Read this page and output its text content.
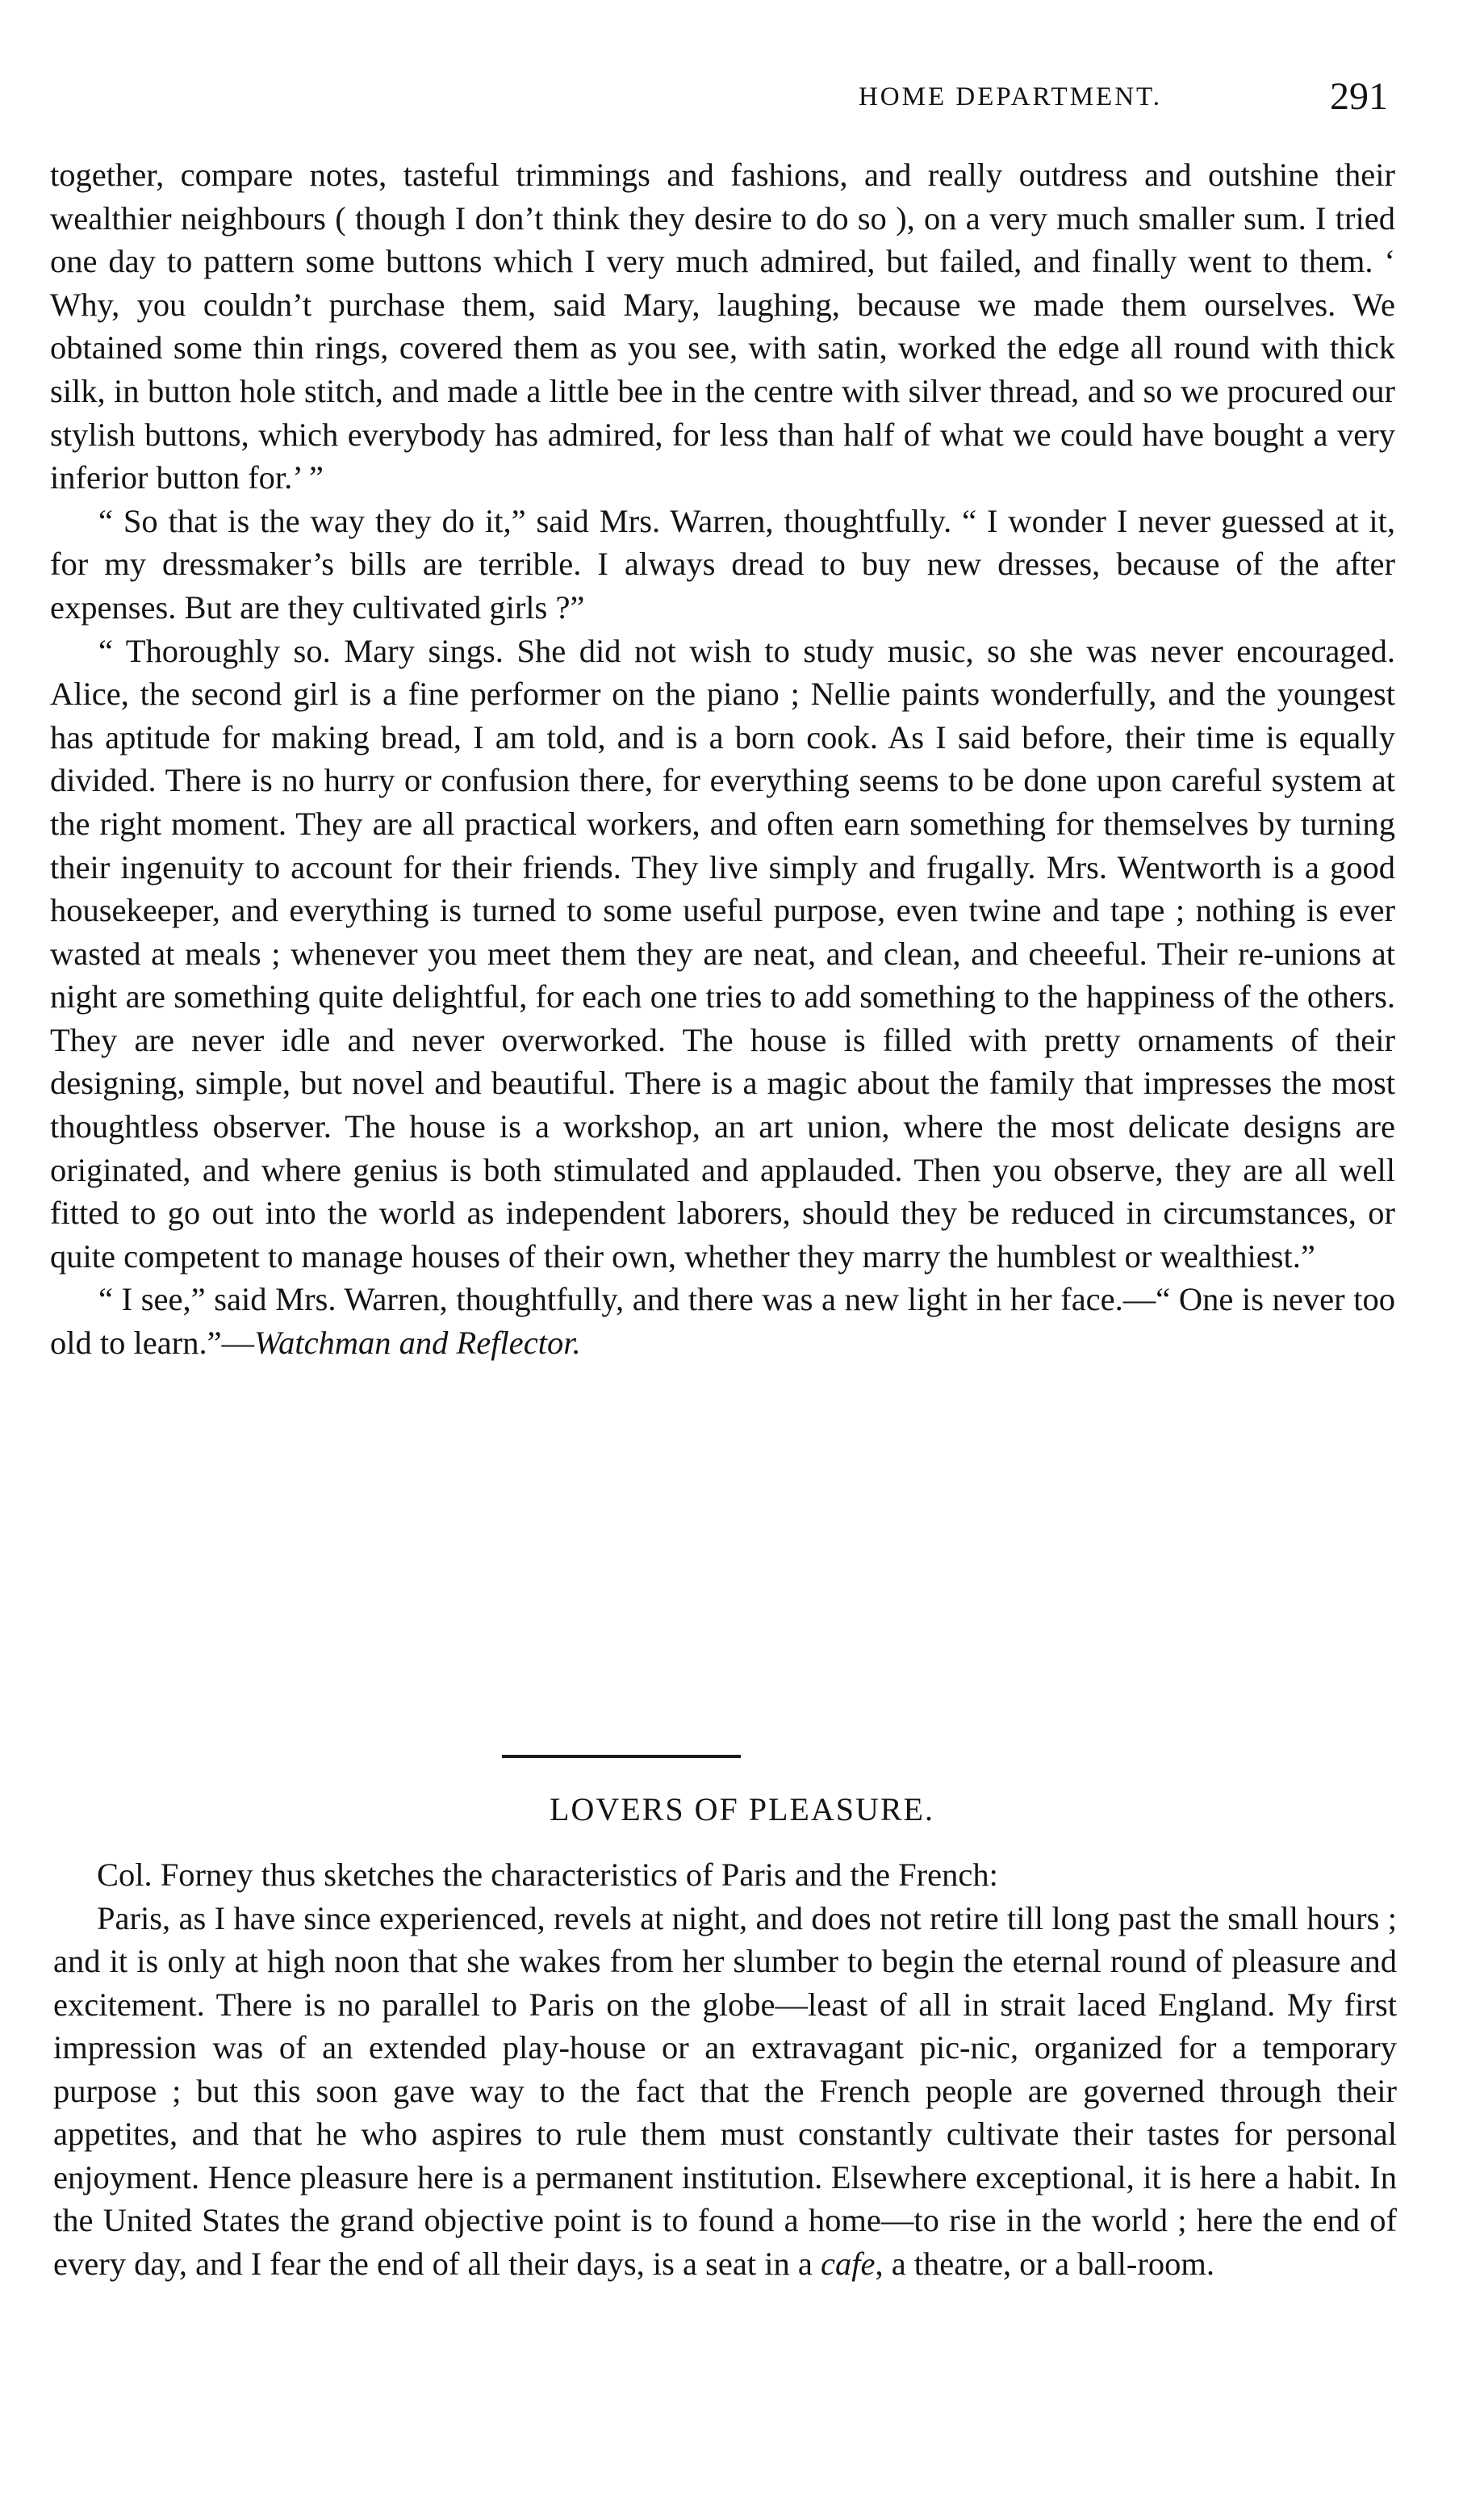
HOME DEPARTMENT.	291

together, compare notes, tasteful trimmings and fashions, and really outdress and outshine their wealthier neighbours ( though I don’t think they desire to do so ), on a very much smaller sum. I tried one day to pattern some buttons which I very much admired, but failed, and finally went to them. ‘ Why, you couldn’t purchase them, said Mary, laughing, because we made them ourselves. We obtained some thin rings, covered them as you see, with satin, worked the edge all round with thick silk, in button hole stitch, and made a little bee in the centre with silver thread, and so we procured our stylish buttons, which everybody has admired, for less than half of what we could have bought a very inferior button for.’ ”

“ So that is the way they do it,” said Mrs. Warren, thoughtfully. “ I wonder I never guessed at it, for my dressmaker’s bills are terrible. I always dread to buy new dresses, because of the after expenses. But are they cultivated girls ?”

“ Thoroughly so. Mary sings. She did not wish to study music, so she was never encouraged. Alice, the second girl is a fine performer on the piano ; Nellie paints wonderfully, and the youngest has aptitude for making bread, I am told, and is a born cook. As I said before, their time is equally divided. There is no hurry or confusion there, for everything seems to be done upon careful system at the right moment. They are all practical workers, and often earn something for themselves by turning their ingenuity to account for their friends. They live simply and frugally. Mrs. Wentworth is a good housekeeper, and everything is turned to some useful purpose, even twine and tape ; nothing is ever wasted at meals ; whenever you meet them they are neat, and clean, and cheeeful. Their re-unions at night are something quite delightful, for each one tries to add something to the happiness of the others. They are never idle and never overworked. The house is filled with pretty ornaments of their designing, simple, but novel and beautiful. There is a magic about the family that impresses the most thoughtless observer. The house is a workshop, an art union, where the most delicate designs are originated, and where genius is both stimulated and applauded. Then you observe, they are all well fitted to go out into the world as independent laborers, should they be reduced in circumstances, or quite competent to manage houses of their own, whether they marry the humblest or wealthiest.”

“ I see,” said Mrs. Warren, thoughtfully, and there was a new light in her face.—“ One is never too old to learn.”—Watchman and Reflector.

LOVERS OF PLEASURE.

Col. Forney thus sketches the characteristics of Paris and the French:

Paris, as I have since experienced, revels at night, and does not retire till long past the small hours ; and it is only at high noon that she wakes from her slumber to begin the eternal round of pleasure and excitement. There is no parallel to Paris on the globe—least of all in strait laced England. My first impression was of an extended play-house or an extravagant pic-nic, organized for a temporary purpose ; but this soon gave way to the fact that the French people are governed through their appetites, and that he who aspires to rule them must constantly cultivate their tastes for personal enjoyment. Hence pleasure here is a permanent institution. Elsewhere exceptional, it is here a habit. In the United States the grand objective point is to found a home—to rise in the world ; here the end of every day, and I fear the end of all their days, is a seat in a cafe, a theatre, or a ball-room.
